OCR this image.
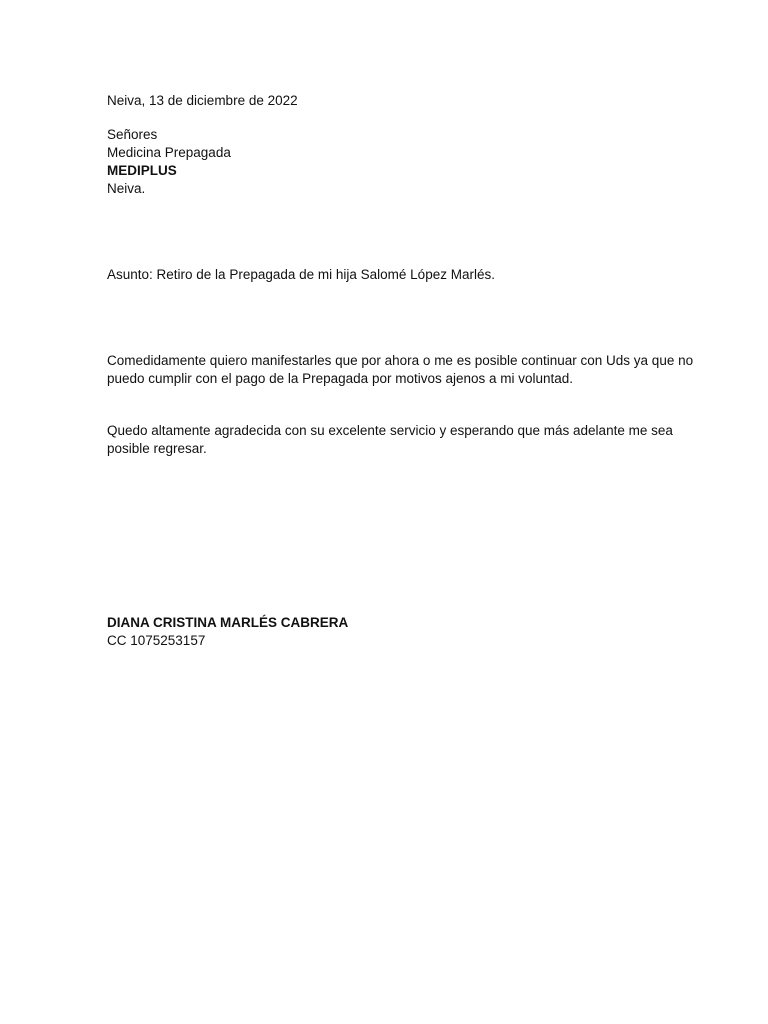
Neiva, 13 de diciembre de 2022
Señores
Medicina Prepagada
MEDIPLUS
Neiva.
Asunto: Retiro de la Prepagada de mi hija Salomé López Marlés.
Comedidamente quiero manifestarles que por ahora o me es posible continuar con Uds ya que no
puedo cumplir con el pago de la Prepagada por motivos ajenos a mi voluntad.
Quedo altamente agradecida con su excelente servicio y esperando que más adelante me sea
posible regresar.
DIANA CRISTINA MARLÉS CABRERA
CC 1075253157
